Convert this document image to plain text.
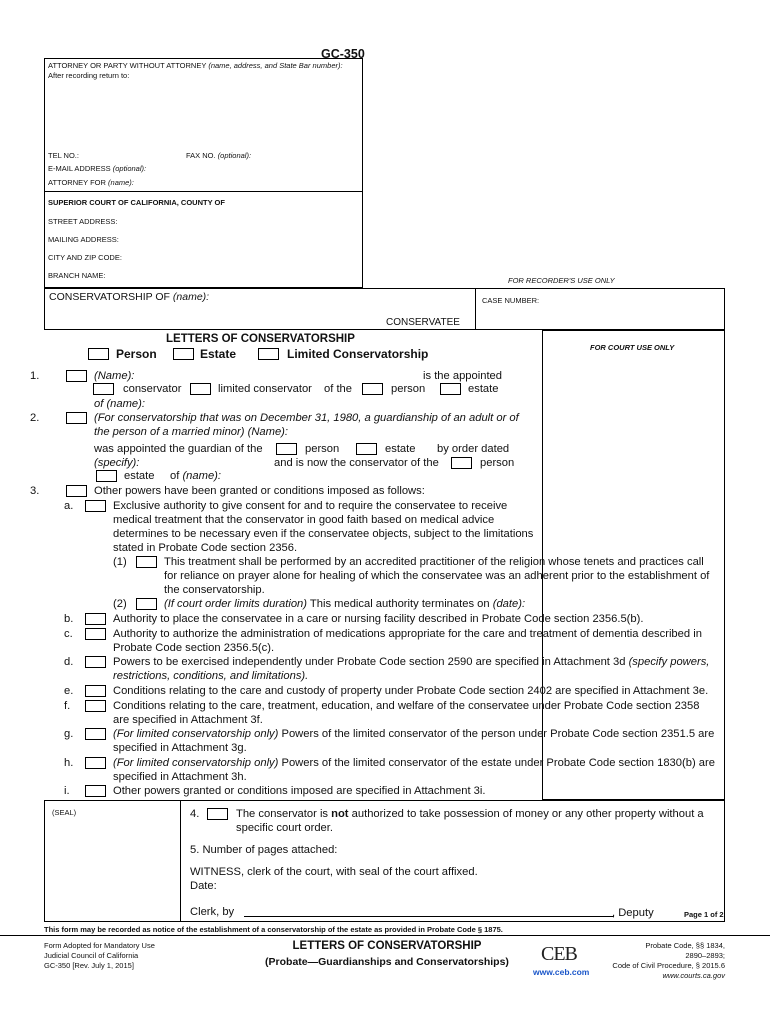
GC-350
ATTORNEY OR PARTY WITHOUT ATTORNEY (name, address, and State Bar number):
After recording return to:
TEL NO.:	FAX NO. (optional):
E-MAIL ADDRESS (optional):
ATTORNEY FOR (name):
SUPERIOR COURT OF CALIFORNIA, COUNTY OF
STREET ADDRESS:
MAILING ADDRESS:
CITY AND ZIP CODE:
BRANCH NAME:
FOR RECORDER'S USE ONLY
CONSERVATORSHIP OF (name):	CASE NUMBER:
CONSERVATEE
LETTERS OF CONSERVATORSHIP
Person	Estate	Limited Conservatorship	FOR COURT USE ONLY
1.	(Name):	is the appointed
conservator	limited conservator of the	person	estate
of (name):
2.	(For conservatorship that was on December 31, 1980, a guardianship of an adult or of
the person of a married minor) (Name):
was appointed the guardian of the	person	estate by order dated
(specify):	and is now the conservator of the	person
estate of (name):
3.	Other powers have been granted or conditions imposed as follows:
a.	Exclusive authority to give consent for and to require the conservatee to receive
medical treatment that the conservator in good faith based on medical advice
determines to be necessary even if the conservatee objects, subject to the limitations
stated in Probate Code section 2356.
(1)	This treatment shall be performed by an accredited practitioner of the religion whose tenets and practices call
for reliance on prayer alone for healing of which the conservatee was an adherent prior to the establishment of
the conservatorship.
(2)	(If court order limits duration) This medical authority terminates on (date):
b.	Authority to place the conservatee in a care or nursing facility described in Probate Code section 2356.5(b).
c.	Authority to authorize the administration of medications appropriate for the care and treatment of dementia described in
Probate Code section 2356.5(c).
d.	Powers to be exercised independently under Probate Code section 2590 are specified in Attachment 3d (specify powers,
restrictions, conditions, and limitations).
e.	Conditions relating to the care and custody of property under Probate Code section 2402 are specified in Attachment 3e.
f.	Conditions relating to the care, treatment, education, and welfare of the conservatee under Probate Code section 2358
are specified in Attachment 3f.
g.	(For limited conservatorship only) Powers of the limited conservator of the person under Probate Code section 2351.5 are
specified in Attachment 3g.
h.	(For limited conservatorship only) Powers of the limited conservator of the estate under Probate Code section 1830(b) are
specified in Attachment 3h.
i.	Other powers granted or conditions imposed are specified in Attachment 3i.
(SEAL)	4.	The conservator is not authorized to take possession of money or any other property without a
specific court order.
5. Number of pages attached:
WITNESS, clerk of the court, with seal of the court affixed.
Date:
Clerk, by	, Deputy	Page 1 of 2
This form may be recorded as notice of the establishment of a conservatorship of the estate as provided in Probate Code § 1875.
Form Adopted for Mandatory Use
Judicial Council of California
GC-350 [Rev. July 1, 2015]
LETTERS OF CONSERVATORSHIP
(Probate—Guardianships and Conservatorships)	CEB
www.ceb.com
Probate Code, §§ 1834,
2890–2893;
Code of Civil Procedure, § 2015.6
www.courts.ca.gov
